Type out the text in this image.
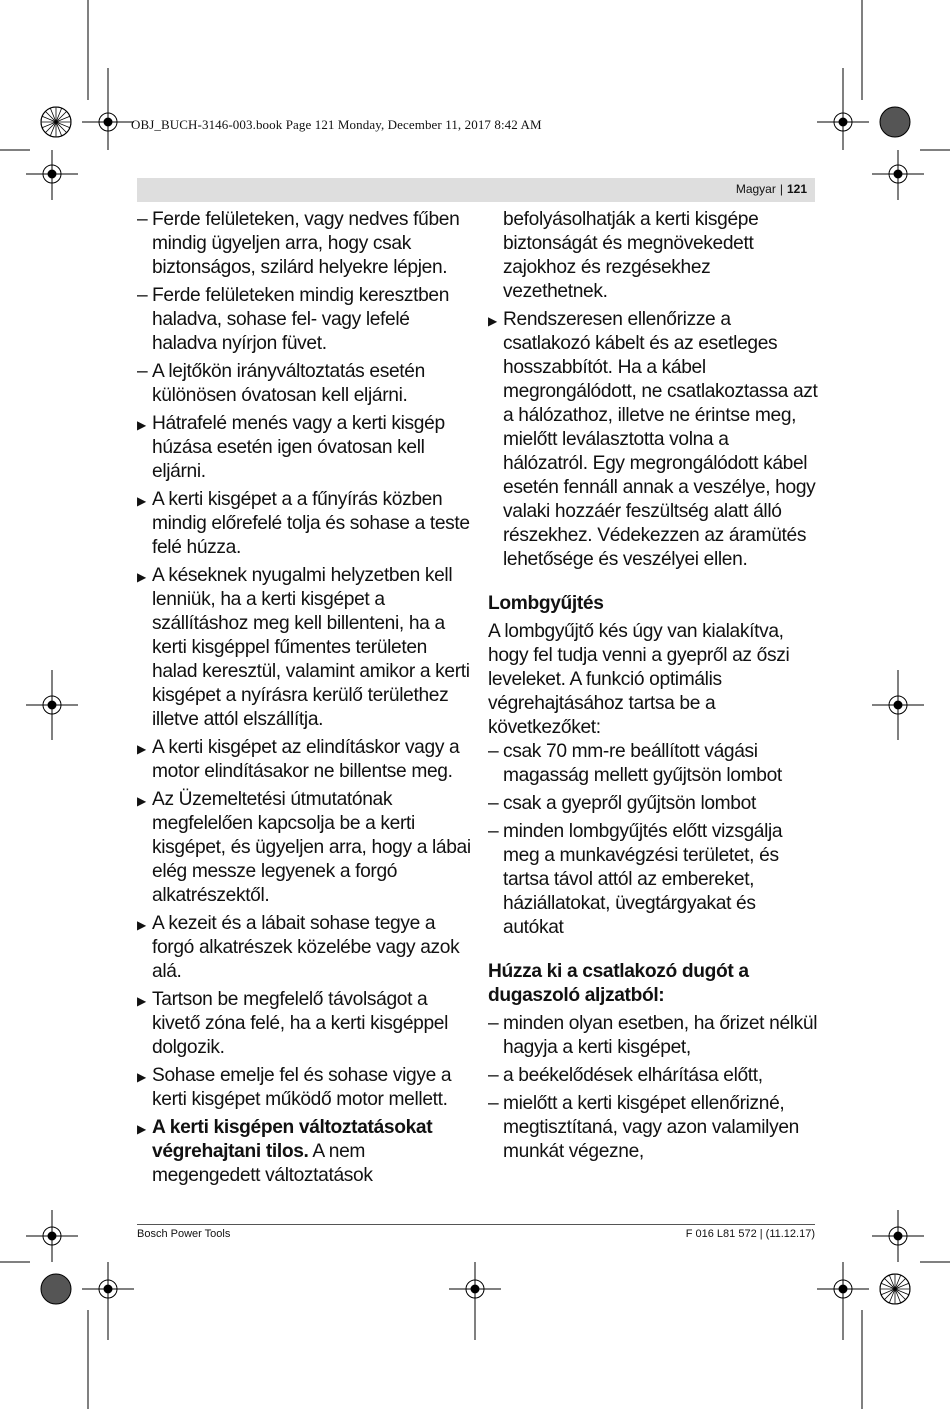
OBJ_BUCH-3146-003.book Page 121 Monday, December 11, 2017 8:42 AM
Magyar | 121
– Ferde felületeken, vagy nedves fűben mindig ügyeljen arra, hogy csak biztonságos, szilárd helyekre lépjen.
– Ferde felületeken mindig keresztben haladva, sohase fel- vagy lefelé haladva nyírjon füvet.
– A lejtőkön irányváltoztatás esetén különösen óvatosan kell eljárni.
▶ Hátrafelé menés vagy a kerti kisgép húzása esetén igen óvatosan kell eljárni.
▶ A kerti kisgépet a a fűnyírás közben mindig előrefelé tolja és sohase a teste felé húzza.
▶ A késeknek nyugalmi helyzetben kell lenniük, ha a kerti kisgépet a szállításhoz meg kell billenteni, ha a kerti kisgéppel fűmentes területen halad keresztül, valamint amikor a kerti kisgépet a nyírásra kerülő területhez illetve attól elszállítja.
▶ A kerti kisgépet az elindításkor vagy a motor elindításakor ne billentse meg.
▶ Az Üzemeltetési útmutatónak megfelelően kapcsolja be a kerti kisgépet, és ügyeljen arra, hogy a lábai elég messze legyenek a forgó alkatrészektől.
▶ A kezeit és a lábait sohase tegye a forgó alkatrészek közelébe vagy azok alá.
▶ Tartson be megfelelő távolságot a kivető zóna felé, ha a kerti kisgéppel dolgozik.
▶ Sohase emelje fel és sohase vigye a kerti kisgépet működő motor mellett.
▶ A kerti kisgépen változtatásokat végrehajtani tilos. A nem megengedett változtatások
befolyásolhatják a kerti kisgépe biztonságát és megnövekedett zajokhoz és rezgésekhez vezethetnek.
▶ Rendszeresen ellenőrizze a csatlakozó kábelt és az esetleges hosszabbítót. Ha a kábel megrongálódott, ne csatlakoztassa azt a hálózathoz, illetve ne érintse meg, mielőtt leválasztotta volna a hálózatról. Egy megrongálódott kábel esetén fennáll annak a veszélye, hogy valaki hozzáér feszültség alatt álló részekhez. Védekezzen az áramütés lehetősége és veszélyei ellen.
Lombgyűjtés
A lombgyűjtő kés úgy van kialakítva, hogy fel tudja venni a gyepről az őszi leveleket. A funkció optimális végrehajtásához tartsa be a következőket:
– csak 70 mm-re beállított vágási magasság mellett gyűjtsön lombot
– csak a gyepről gyűjtsön lombot
– minden lombgyűjtés előtt vizsgálja meg a munkavégzési területet, és tartsa távol attól az embereket, háziállatokat, üvegtárgyakat és autókat
Húzza ki a csatlakozó dugót a dugaszoló aljzatból:
– minden olyan esetben, ha őrizet nélkül hagyja a kerti kisgépet,
– a beékelődések elhárítása előtt,
– mielőtt a kerti kisgépet ellenőrizné, megtisztítaná, vagy azon valamilyen munkát végezne,
Bosch Power Tools	F 016 L81 572 | (11.12.17)
